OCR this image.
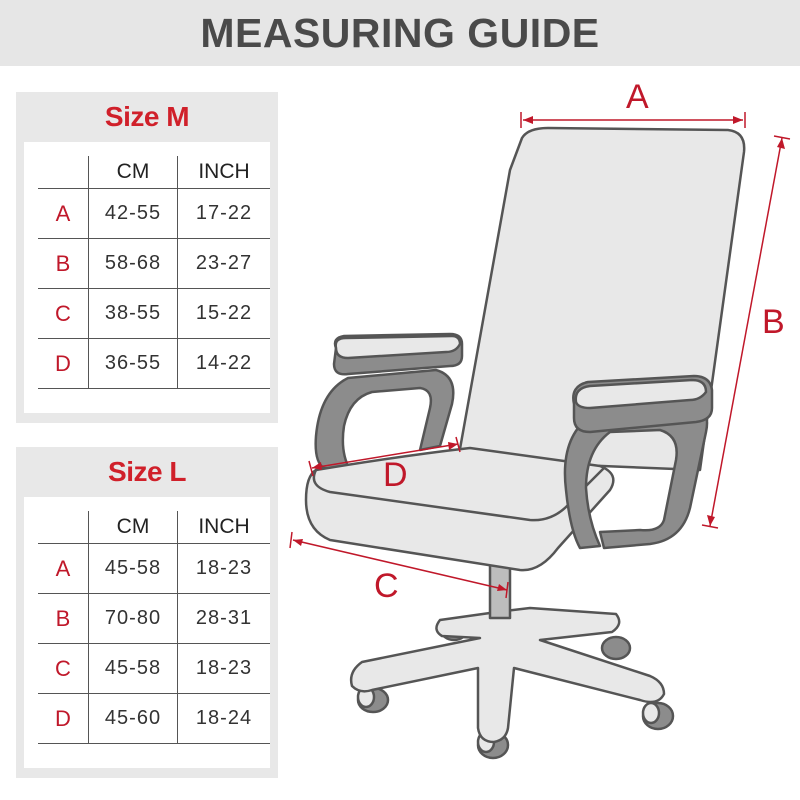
MEASURING GUIDE
Size M
	CM	INCH
A	42-55	17-22
B	58-68	23-27
C	38-55	15-22
D	36-55	14-22
Size L
	CM	INCH
A	45-58	18-23
B	70-80	28-31
C	45-58	18-23
D	45-60	18-24
A
B
C
D
